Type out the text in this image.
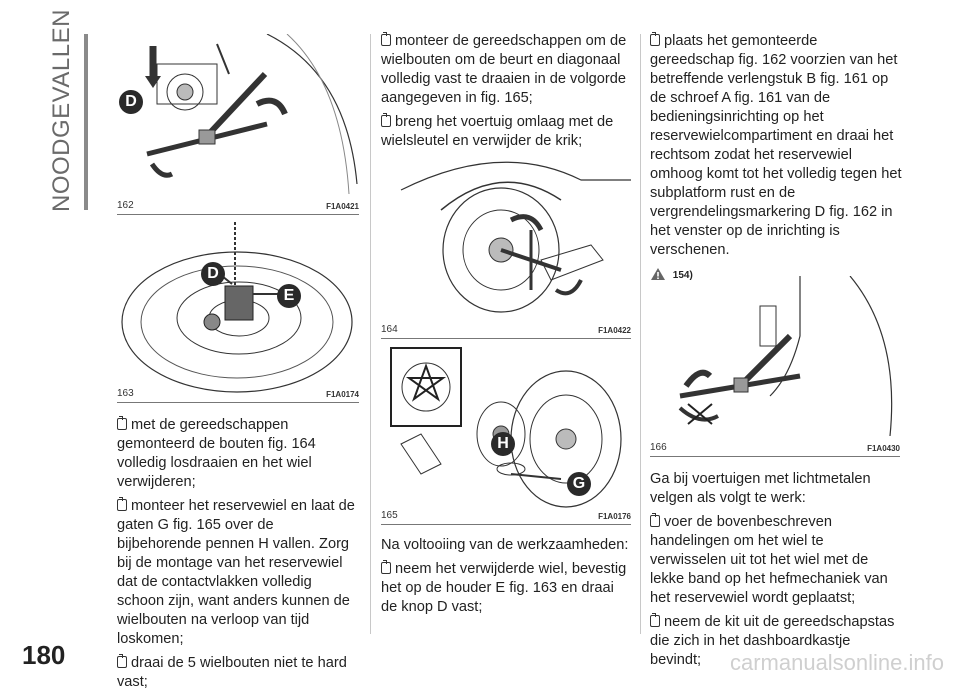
NOODGEVALLEN	D
162	F1A0421
D
E
163	F1A0174

met de gereedschappen gemonteerd de bouten fig. 164 volledig losdraaien en het wiel verwijderen;

monteer het reservewiel en laat de gaten G fig. 165 over de bijbehorende pennen H vallen. Zorg bij de montage van het reservewiel dat de contactvlakken volledig schoon zijn, want anders kunnen de wielbouten na verloop van tijd loskomen;

draai de 5 wielbouten niet te hard vast;

monteer de gereedschappen om de wielbouten om de beurt en diagonaal volledig vast te draaien in de volgorde aangegeven in fig. 165;

breng het voertuig omlaag met de wielsleutel en verwijder de krik;

164	F1A0422
H
G
165	F1A0176

Na voltooiing van de werkzaamheden:

neem het verwijderde wiel, bevestig het op de houder E fig. 163 en draai de knop D vast;

plaats het gemonteerde gereedschap fig. 162 voorzien van het betreffende verlengstuk B fig. 161 op de schroef A fig. 161 van de bedieningsinrichting op het reservewielcompartiment en draai het rechtsom zodat het reservewiel omhoog komt tot het volledig tegen het subplatform rust en de vergrendelingsmarkering D fig. 162 in het venster op de inrichting is verschenen.

154)
166	F1A0430

Ga bij voertuigen met lichtmetalen velgen als volgt te werk:

voer de bovenbeschreven handelingen om het wiel te verwisselen uit tot het wiel met de lekke band op het hefmechaniek van het reservewiel wordt geplaatst;

neem de kit uit de gereedschapstas die zich in het dashboardkastje bevindt;

180	carmanualsonline.info
